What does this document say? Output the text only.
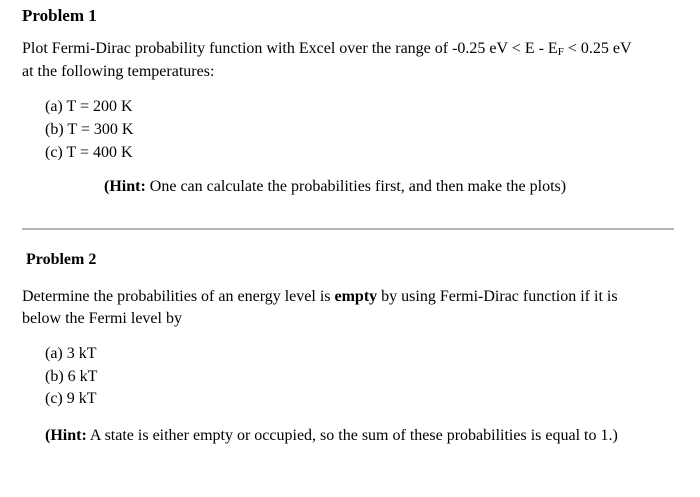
Problem 1
Plot Fermi-Dirac probability function with Excel over the range of -0.25 eV < E - EF < 0.25 eV
at the following temperatures:
(a) T = 200 K
(b) T = 300 K
(c) T = 400 K
(Hint: One can calculate the probabilities first, and then make the plots)
Problem 2
Determine the probabilities of an energy level is empty by using Fermi-Dirac function if it is
below the Fermi level by
(a) 3 kT
(b) 6 kT
(c) 9 kT
(Hint: A state is either empty or occupied, so the sum of these probabilities is equal to 1.)
